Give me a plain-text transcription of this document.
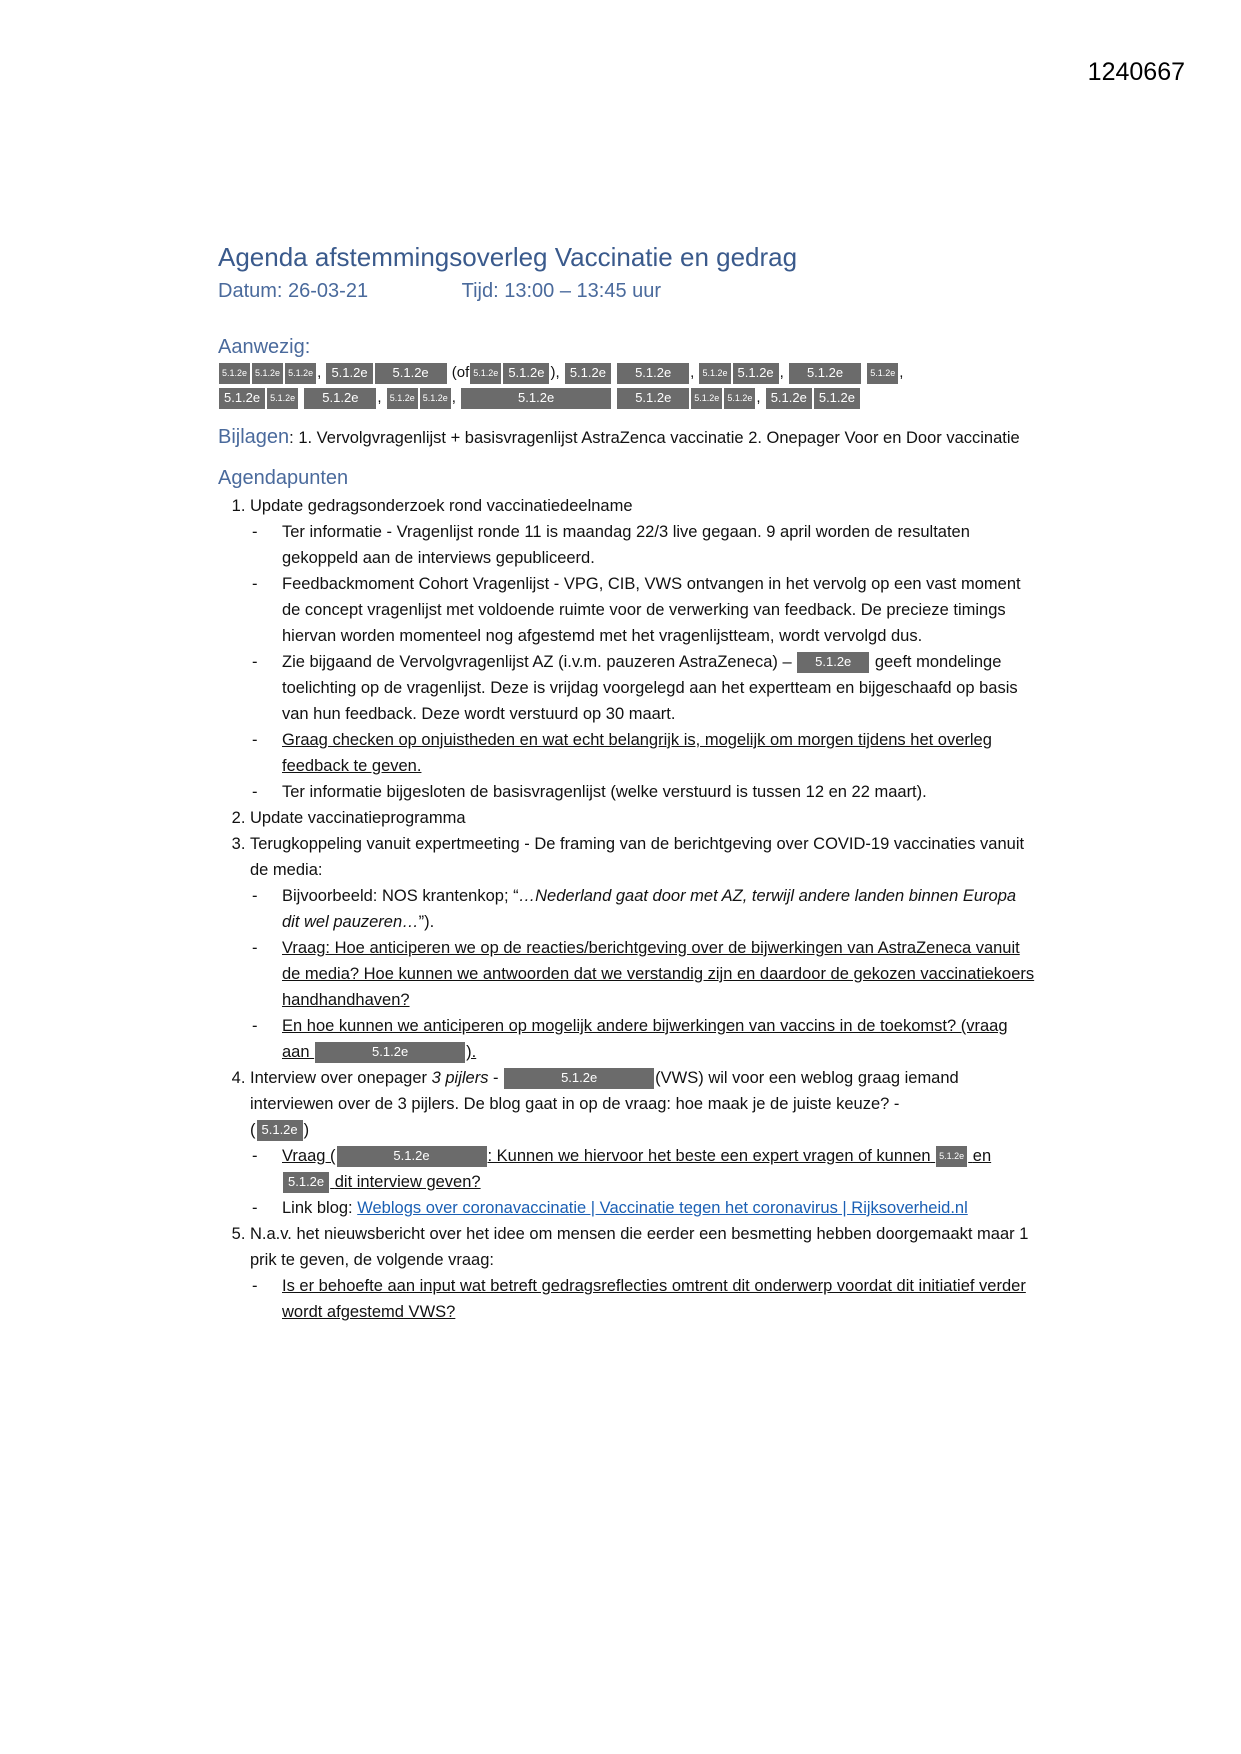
1240667
Agenda afstemmingsoverleg Vaccinatie en gedrag
Datum: 26-03-21	Tijd: 13:00 – 13:45 uur
Aanwezig:
5.1.2e 5.1.2e 5.1.2e , 5.1.2e 5.1.2e (of 5.1.2e 5.1.2e ), 5.1.2e 5.1.2e , 5.1.2e 5.1.2e , 5.1.2e	5.1.2e ,
5.1.2e 5.1.2e 5.1.2e , 5.1.2e 5.1.2e ,	5.1.2e	5.1.2e	5.1.2e 5.1.2e , 5.1.2e 5.1.2e
Bijlagen: 1. Vervolgvragenlijst + basisvragenlijst AstraZenca vaccinatie 2. Onepager Voor en Door vaccinatie
Agendapunten
1. Update gedragsonderzoek rond vaccinatiedeelname
- Ter informatie - Vragenlijst ronde 11 is maandag 22/3 live gegaan. 9 april worden de resultaten gekoppeld aan de interviews gepubliceerd.
- Feedbackmoment Cohort Vragenlijst - VPG, CIB, VWS ontvangen in het vervolg op een vast moment de concept vragenlijst met voldoende ruimte voor de verwerking van feedback. De precieze timings hiervan worden momenteel nog afgestemd met het vragenlijstteam, wordt vervolgd dus.
- Zie bijgaand de Vervolgvragenlijst AZ (i.v.m. pauzeren AstraZeneca) – 5.1.2e geeft mondelinge toelichting op de vragenlijst. Deze is vrijdag voorgelegd aan het expertteam en bijgeschaafd op basis van hun feedback. Deze wordt verstuurd op 30 maart.
- Graag checken op onjuistheden en wat echt belangrijk is, mogelijk om morgen tijdens het overleg feedback te geven.
- Ter informatie bijgesloten de basisvragenlijst (welke verstuurd is tussen 12 en 22 maart).
2. Update vaccinatieprogramma
3. Terugkoppeling vanuit expertmeeting - De framing van de berichtgeving over COVID-19 vaccinaties vanuit de media:
- Bijvoorbeeld: NOS krantenkop; “…Nederland gaat door met AZ, terwijl andere landen binnen Europa dit wel pauzeren…”).
- Vraag: Hoe anticiperen we op de reacties/berichtgeving over de bijwerkingen van AstraZeneca vanuit de media? Hoe kunnen we antwoorden dat we verstandig zijn en daardoor de gekozen vaccinatiekoers handhandhaven?
- En hoe kunnen we anticiperen op mogelijk andere bijwerkingen van vaccins in de toekomst? (vraag aan	5.1.2e	).
4. Interview over onepager 3 pijlers -	5.1.2e	(VWS) wil voor een weblog graag iemand interviewen over de 3 pijlers. De blog gaat in op de vraag: hoe maak je de juiste keuze? -
( 5.1.2e )
- Vraag (	5.1.2e	: Kunnen we hiervoor het beste een expert vragen of kunnen 5.1.2e en 5.1.2e dit interview geven?
- Link blog: Weblogs over coronavaccinatie | Vaccinatie tegen het coronavirus | Rijksoverheid.nl
5. N.a.v. het nieuwsbericht over het idee om mensen die eerder een besmetting hebben doorgemaakt maar 1 prik te geven, de volgende vraag:
- Is er behoefte aan input wat betreft gedragsreflecties omtrent dit onderwerp voordat dit initiatief verder wordt afgestemd VWS?
